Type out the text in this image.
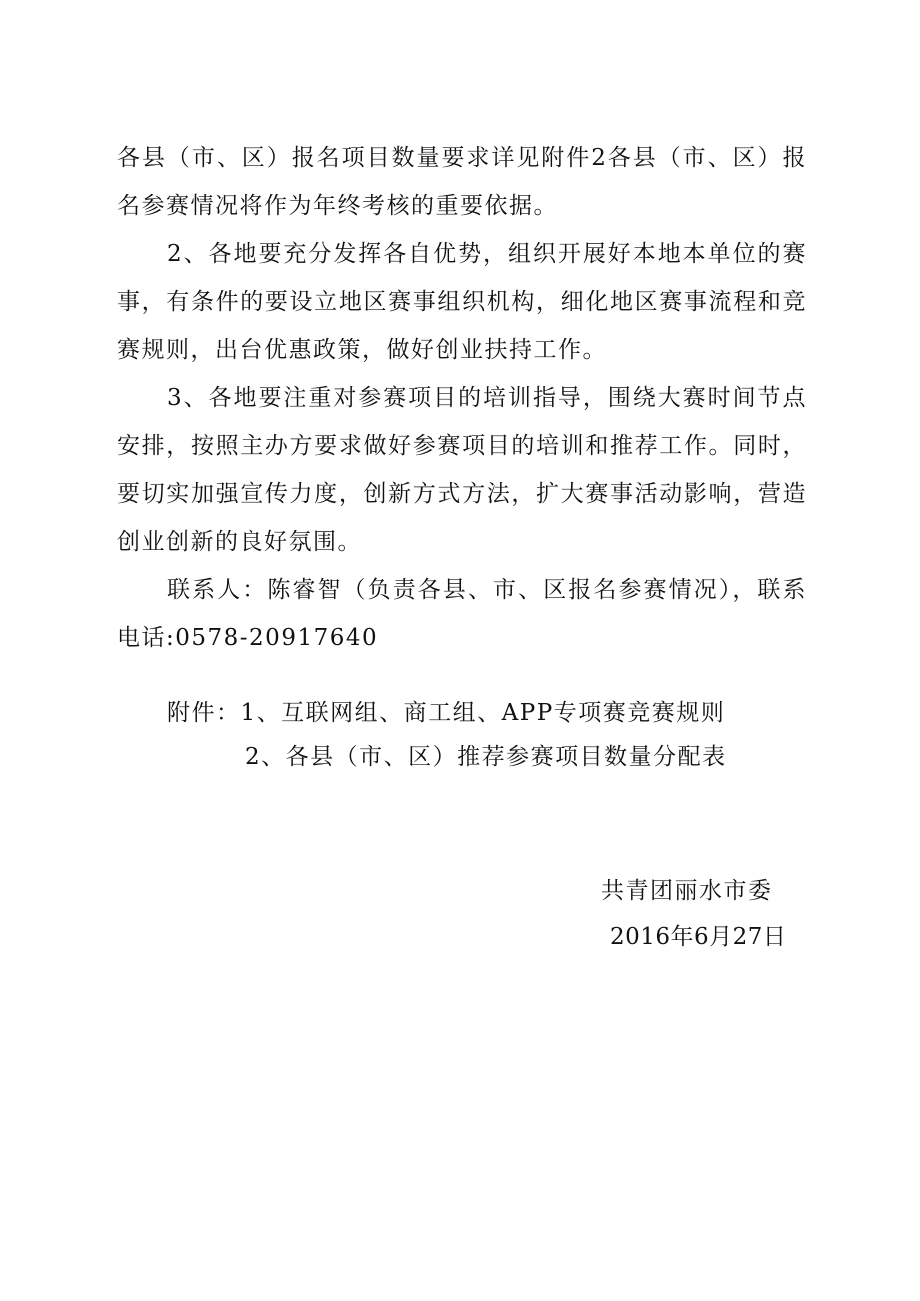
各县（市、区）报名项目数量要求详见附件2各县（市、区）报名参赛情况将作为年终考核的重要依据。

2、各地要充分发挥各自优势，组织开展好本地本单位的赛事，有条件的要设立地区赛事组织机构，细化地区赛事流程和竞赛规则，出台优惠政策，做好创业扶持工作。

3、各地要注重对参赛项目的培训指导，围绕大赛时间节点安排，按照主办方要求做好参赛项目的培训和推荐工作。同时，要切实加强宣传力度，创新方式方法，扩大赛事活动影响，营造创业创新的良好氛围。

联系人：陈睿智（负责各县、市、区报名参赛情况），联系电话:0578-20917640

附件：1、互联网组、商工组、APP专项赛竞赛规则

2、各县（市、区）推荐参赛项目数量分配表

共青团丽水市委

2016年6月27日
